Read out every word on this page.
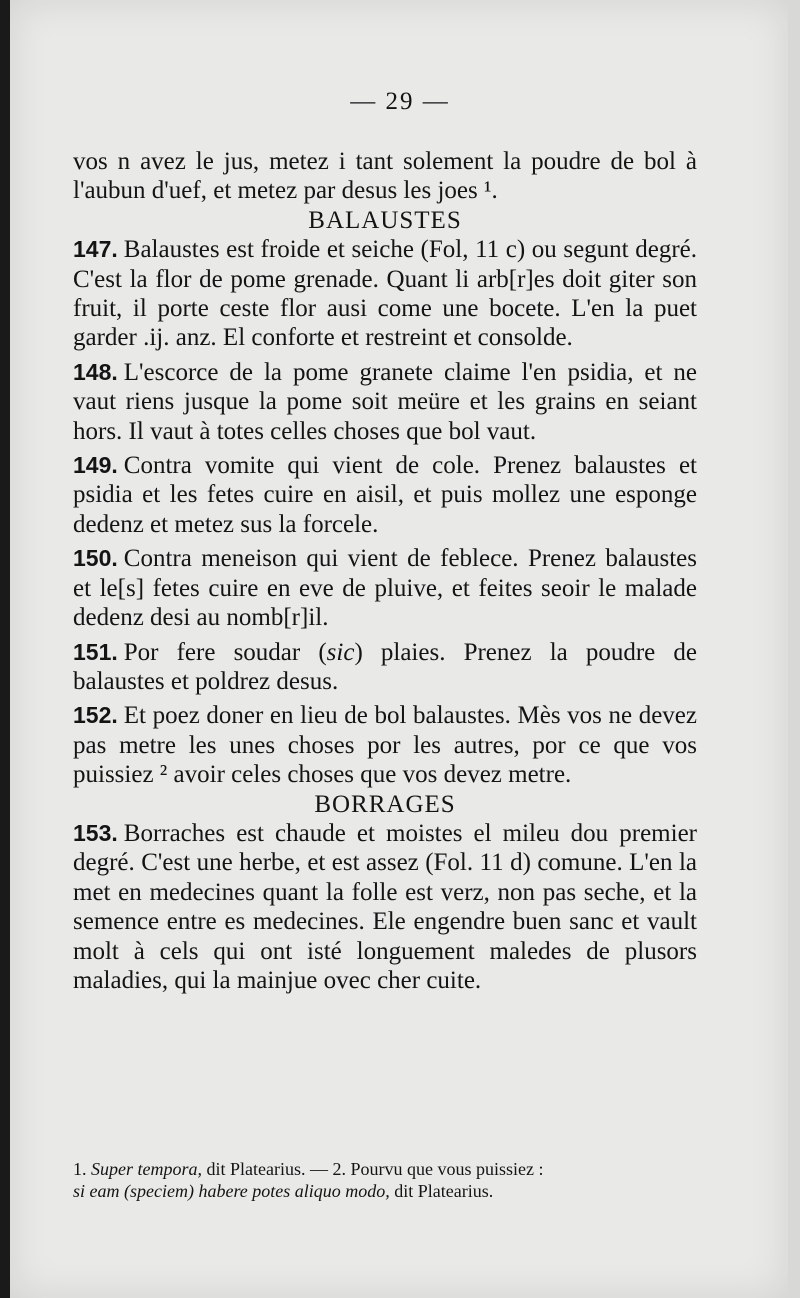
— 29 —

vos n avez le jus, metez i tant solement la poudre de bol à l'aubun d'uef, et metez par desus les joes ¹.

BALAUSTES

147. Balaustes est froide et seiche (Fol, 11 c) ou segunt degré. C'est la flor de pome grenade. Quant li arb[r]es doit giter son fruit, il porte ceste flor ausi come une bocete. L'en la puet garder .ij. anz. El conforte et restreint et consolde.

148. L'escorce de la pome granete claime l'en psidia, et ne vaut riens jusque la pome soit meüre et les grains en seiant hors. Il vaut à totes celles choses que bol vaut.

149. Contra vomite qui vient de cole. Prenez balaustes et psidia et les fetes cuire en aisil, et puis mollez une esponge dedenz et metez sus la forcele.

150. Contra meneison qui vient de feblece. Prenez balaustes et le[s] fetes cuire en eve de pluive, et feites seoir le malade dedenz desi au nomb[r]il.

151. Por fere soudar (sic) plaies. Prenez la poudre de balaustes et poldrez desus.

152. Et poez doner en lieu de bol balaustes. Mès vos ne devez pas metre les unes choses por les autres, por ce que vos puissiez ² avoir celes choses que vos devez metre.

BORRAGES

153. Borraches est chaude et moistes el mileu dou premier degré. C'est une herbe, et est assez (Fol. 11 d) comune. L'en la met en medecines quant la folle est verz, non pas seche, et la semence entre es medecines. Ele engendre buen sanc et vault molt à cels qui ont isté longuement maledes de plusors maladies, qui la mainjue ovec cher cuite.

1. Super tempora, dit Platearius. — 2. Pourvu que vous puissiez :

si eam (speciem) habere potes aliquo modo, dit Platearius.
